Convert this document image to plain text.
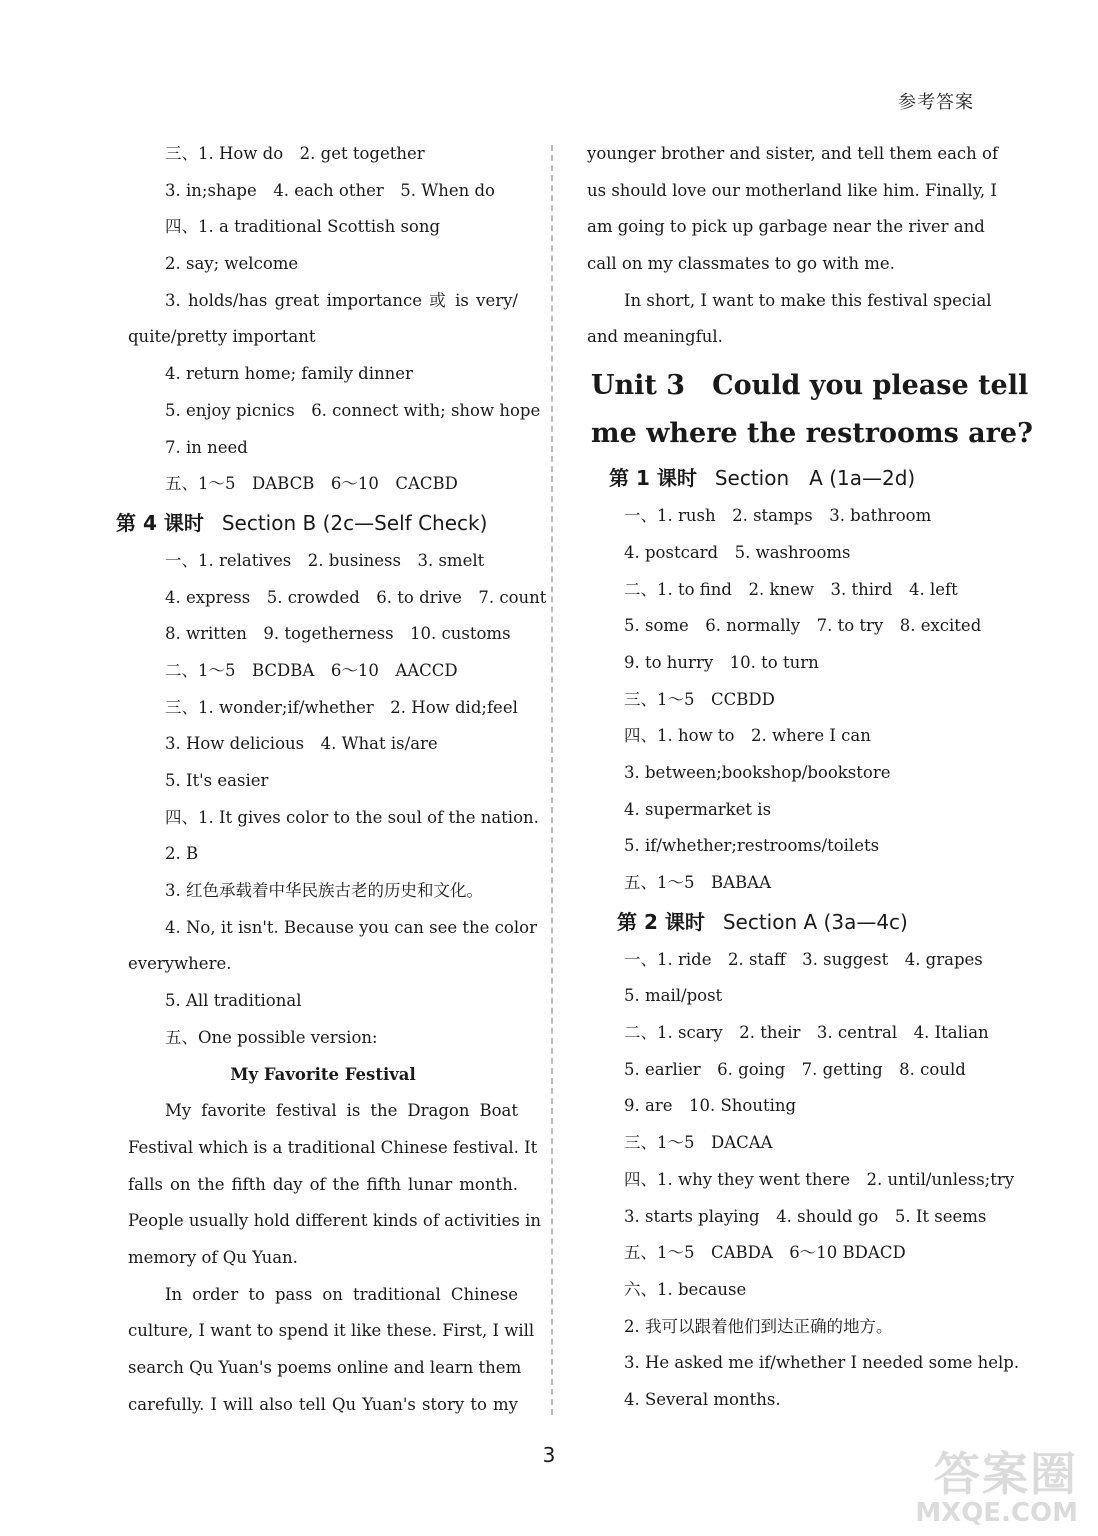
参考答案
三、1. How do　2. get together
3. in;shape　4. each other　5. When do
四、1. a traditional Scottish song
2. say; welcome
3. holds/has great importance 或 is very/
quite/pretty important
4. return home; family dinner
5. enjoy picnics　6. connect with; show hope
7. in need
五、1～5　DABCB　6～10　CACBD
第 4 课时 Section B (2c—Self Check)
一、1. relatives　2. business　3. smelt
4. express　5. crowded　6. to drive　7. count
8. written　9. togetherness　10. customs
二、1～5　BCDBA　6～10　AACCD
三、1. wonder;if/whether　2. How did;feel
3. How delicious　4. What is/are
5. It's easier
四、1. It gives color to the soul of the nation.
2. B
3. 红色承载着中华民族古老的历史和文化。
4. No, it isn't. Because you can see the color
everywhere.
5. All traditional
五、One possible version:
My Favorite Festival
My favorite festival is the Dragon Boat
Festival which is a traditional Chinese festival. It
falls on the fifth day of the fifth lunar month.
People usually hold different kinds of activities in
memory of Qu Yuan.
In order to pass on traditional Chinese
culture, I want to spend it like these. First, I will
search Qu Yuan's poems online and learn them
carefully. I will also tell Qu Yuan's story to my
younger brother and sister, and tell them each of
us should love our motherland like him. Finally, I
am going to pick up garbage near the river and
call on my classmates to go with me.
In short, I want to make this festival special
and meaningful.
Unit 3　Could you please tell
me where the restrooms are?
第 1 课时 Section　A (1a—2d)
一、1. rush　2. stamps　3. bathroom
4. postcard　5. washrooms
二、1. to find　2. knew　3. third　4. left
5. some　6. normally　7. to try　8. excited
9. to hurry　10. to turn
三、1～5　CCBDD
四、1. how to　2. where I can
3. between;bookshop/bookstore
4. supermarket is
5. if/whether;restrooms/toilets
五、1～5　BABAA
第 2 课时 Section A (3a—4c)
一、1. ride　2. staff　3. suggest　4. grapes
5. mail/post
二、1. scary　2. their　3. central　4. Italian
5. earlier　6. going　7. getting　8. could
9. are　10. Shouting
三、1～5　DACAA
四、1. why they went there　2. until/unless;try
3. starts playing　4. should go　5. It seems
五、1～5　CABDA　6～10 BDACD
六、1. because
2. 我可以跟着他们到达正确的地方。
3. He asked me if/whether I needed some help.
4. Several months.
3	答案圈
MXQE.COM
